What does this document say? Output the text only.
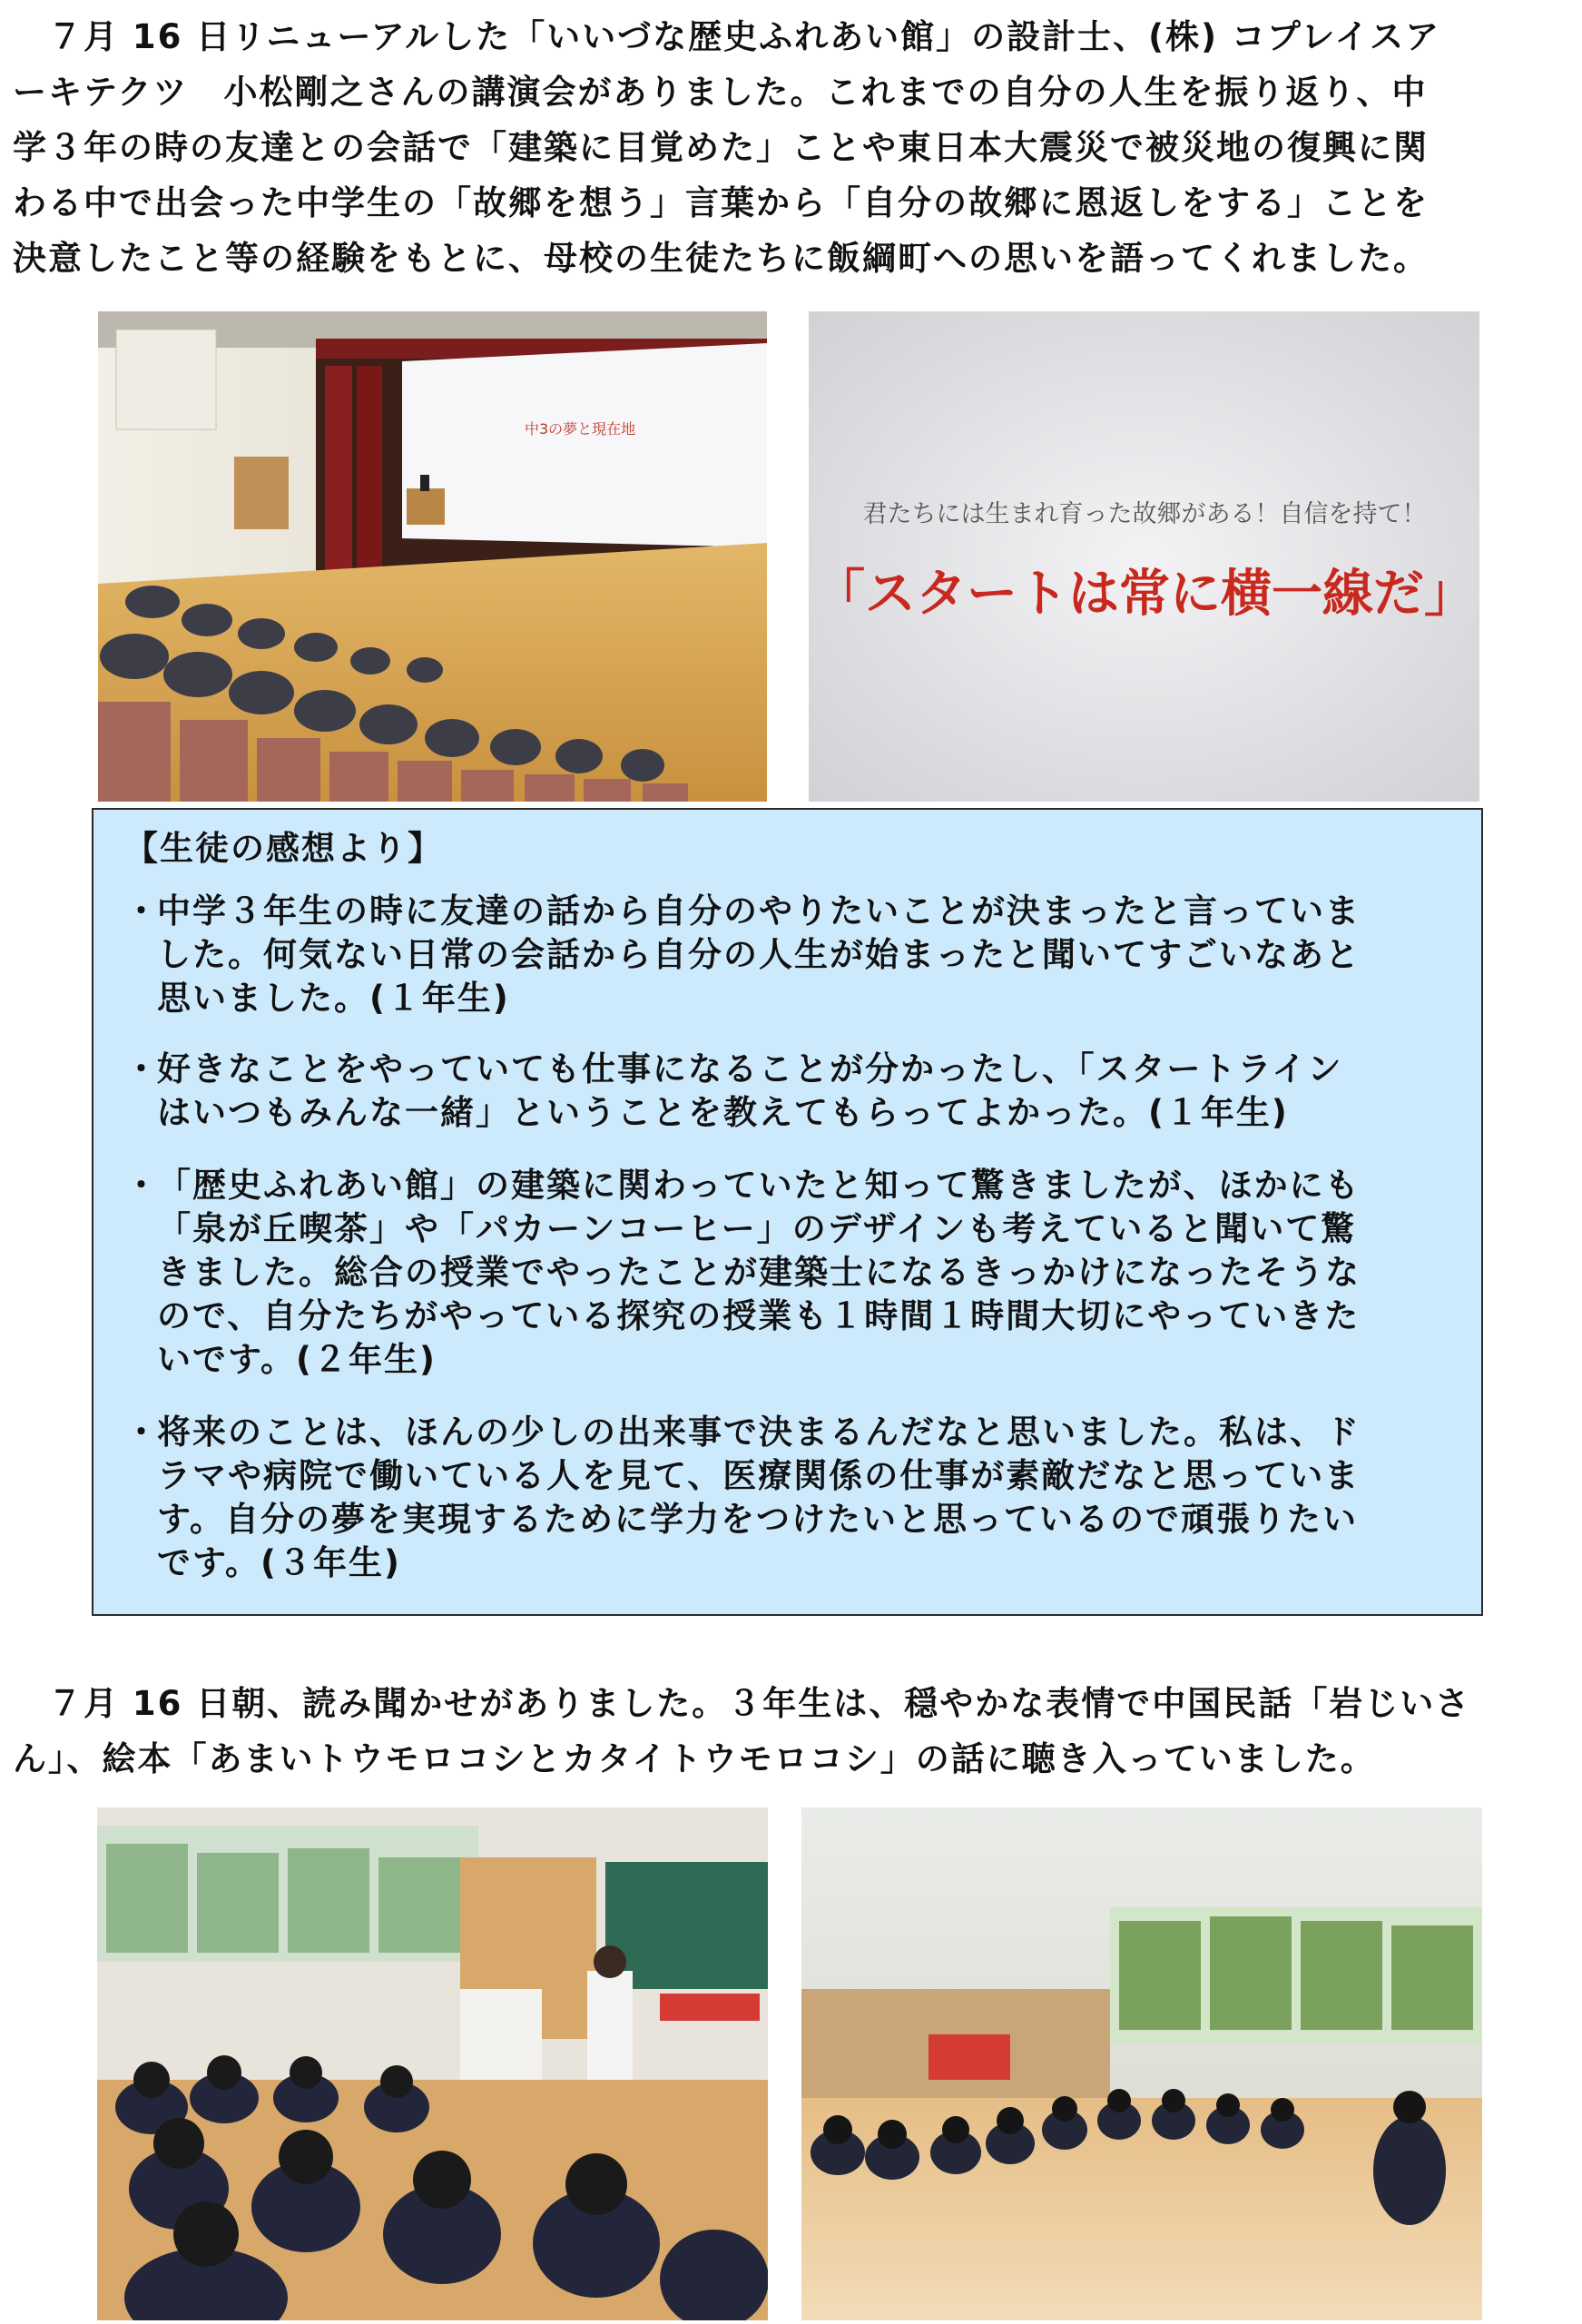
　７月 16 日リニューアルした「いいづな歴史ふれあい館」の設計士、(株) コプレイスア
ーキテクツ　小松剛之さんの講演会がありました。これまでの自分の人生を振り返り、中
学３年の時の友達との会話で「建築に目覚めた」ことや東日本大震災で被災地の復興に関
わる中で出会った中学生の「故郷を想う」言葉から「自分の故郷に恩返しをする」ことを
決意したこと等の経験をもとに、母校の生徒たちに飯綱町への思いを語ってくれました。
中3の夢と現在地
君たちには生まれ育った故郷がある！自信を持て！
「スタートは常に横一線だ」
【生徒の感想より】
・
中学３年生の時に友達の話から自分のやりたいことが決まったと言っていま
した。何気ない日常の会話から自分の人生が始まったと聞いてすごいなあと
思いました。(１年生)
・
好きなことをやっていても仕事になることが分かったし、「スタートライン
はいつもみんな一緒」ということを教えてもらってよかった。(１年生)
・
「歴史ふれあい館」の建築に関わっていたと知って驚きましたが、ほかにも
「泉が丘喫茶」や「パカーンコーヒー」のデザインも考えていると聞いて驚
きました。総合の授業でやったことが建築士になるきっかけになったそうな
ので、自分たちがやっている探究の授業も１時間１時間大切にやっていきた
いです。(２年生)
・
将来のことは、ほんの少しの出来事で決まるんだなと思いました。私は、ド
ラマや病院で働いている人を見て、医療関係の仕事が素敵だなと思っていま
す。自分の夢を実現するために学力をつけたいと思っているので頑張りたい
です。(３年生)
　７月 16 日朝、読み聞かせがありました。３年生は、穏やかな表情で中国民話「岩じいさ
ん」、絵本「あまいトウモロコシとカタイトウモロコシ」の話に聴き入っていました。
